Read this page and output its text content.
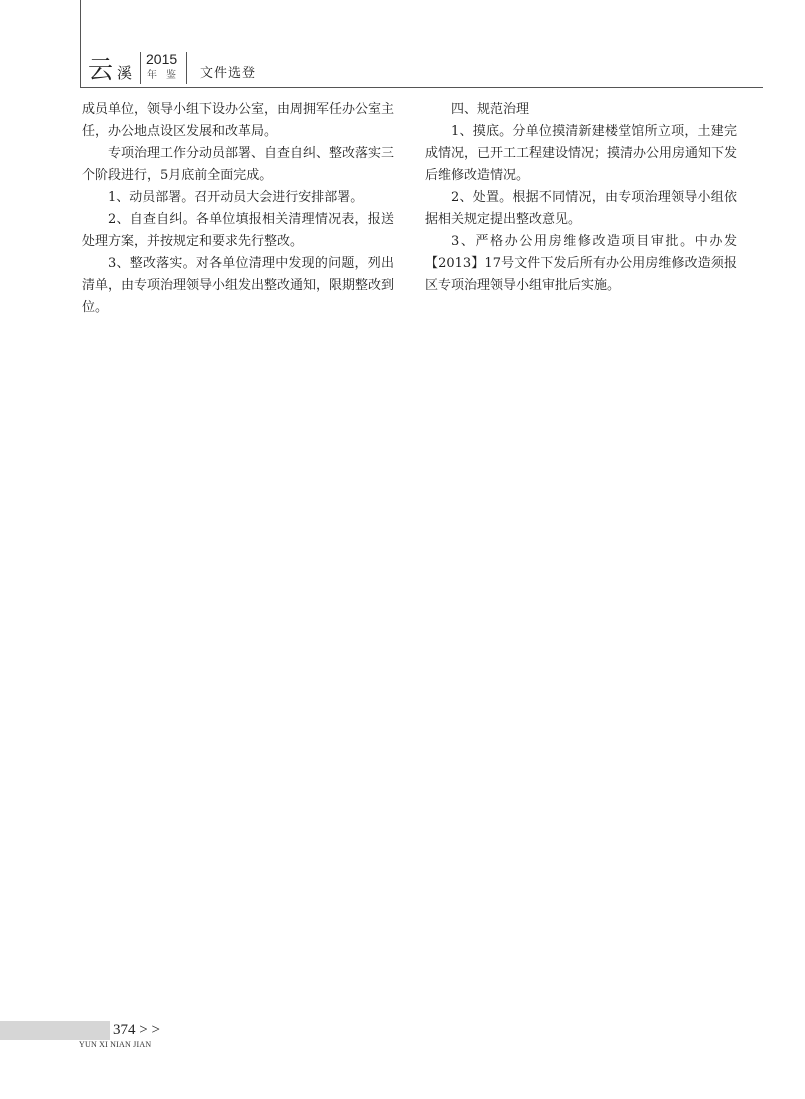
云 溪
2015
年鉴 文件选登

成员单位，领导小组下设办公室，由周拥军任办公室主任，办公地点设区发展和改革局。

专项治理工作分动员部署、自查自纠、整改落实三个阶段进行，5月底前全面完成。

1、动员部署。召开动员大会进行安排部署。

2、自查自纠。各单位填报相关清理情况表，报送处理方案，并按规定和要求先行整改。

3、整改落实。对各单位清理中发现的问题，列出清单，由专项治理领导小组发出整改通知，限期整改到位。

四、规范治理

1、摸底。分单位摸清新建楼堂馆所立项，土建完成情况，已开工工程建设情况；摸清办公用房通知下发后维修改造情况。

2、处置。根据不同情况，由专项治理领导小组依据相关规定提出整改意见。

3、严格办公用房维修改造项目审批。中办发【2013】17号文件下发后所有办公用房维修改造须报区专项治理领导小组审批后实施。

374 > >
YUN XI NIAN JIAN
